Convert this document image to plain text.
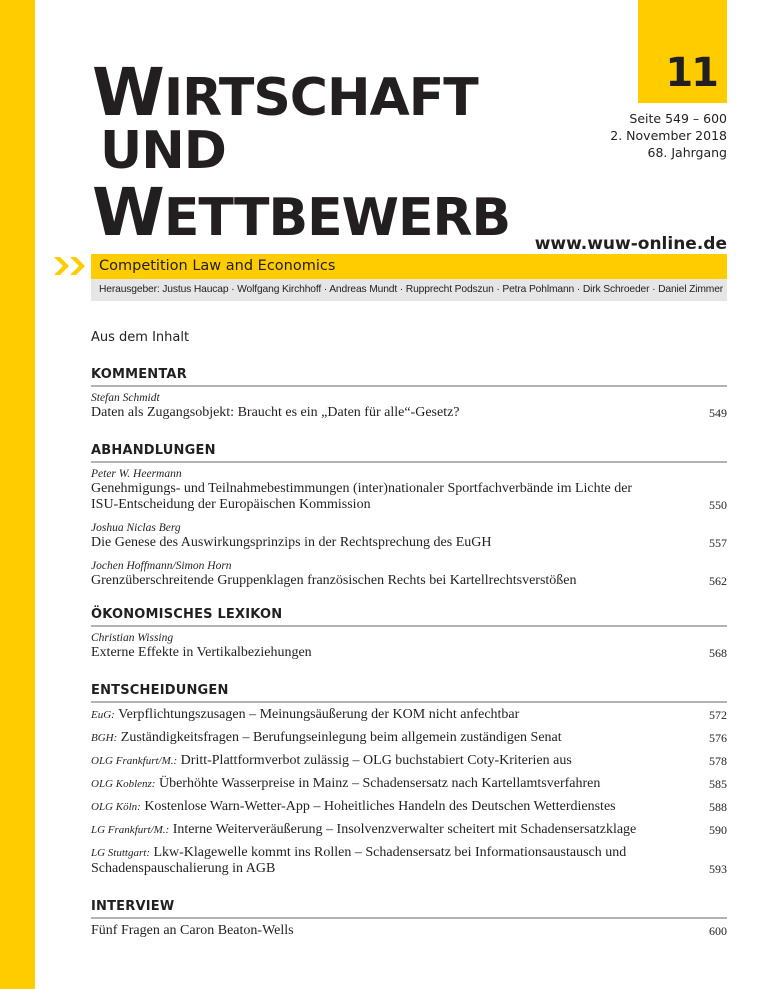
11
Seite 549 – 600
2. November 2018
68. Jahrgang
WIRTSCHAFT
UND
WETTBEWERB www.wuw-online.de
Competition Law and Economics
Herausgeber: Justus Haucap · Wolfgang Kirchhoff · Andreas Mundt · Rupprecht Podszun · Petra Pohlmann · Dirk Schroeder · Daniel Zimmer
Aus dem Inhalt
KOMMENTAR
Stefan Schmidt
Daten als Zugangsobjekt: Braucht es ein „Daten für alle“-Gesetz?	549
ABHANDLUNGEN
Peter W. Heermann
Genehmigungs- und Teilnahmebestimmungen (inter)nationaler Sportfachverbände im Lichte der ISU-Entscheidung der Europäischen Kommission	550
Joshua Niclas Berg
Die Genese des Auswirkungsprinzips in der Rechtsprechung des EuGH	557
Jochen Hoffmann/Simon Horn
Grenzüberschreitende Gruppenklagen französischen Rechts bei Kartellrechtsverstößen	562
ÖKONOMISCHES LEXIKON
Christian Wissing
Externe Effekte in Vertikalbeziehungen	568
ENTSCHEIDUNGEN
EuG: Verpflichtungszusagen – Meinungsäußerung der KOM nicht anfechtbar	572
BGH: Zuständigkeitsfragen – Berufungseinlegung beim allgemein zuständigen Senat	576
OLG Frankfurt/M.: Dritt-Plattformverbot zulässig – OLG buchstabiert Coty-Kriterien aus	578
OLG Koblenz: Überhöhte Wasserpreise in Mainz – Schadensersatz nach Kartellamtsverfahren	585
OLG Köln: Kostenlose Warn-Wetter-App – Hoheitliches Handeln des Deutschen Wetterdienstes	588
LG Frankfurt/M.: Interne Weiterveräußerung – Insolvenzverwalter scheitert mit Schadensersatzklage	590
LG Stuttgart: Lkw-Klagewelle kommt ins Rollen – Schadensersatz bei Informationsaustausch und Schadenspauschalierung in AGB	593
INTERVIEW
Fünf Fragen an Caron Beaton-Wells	600
